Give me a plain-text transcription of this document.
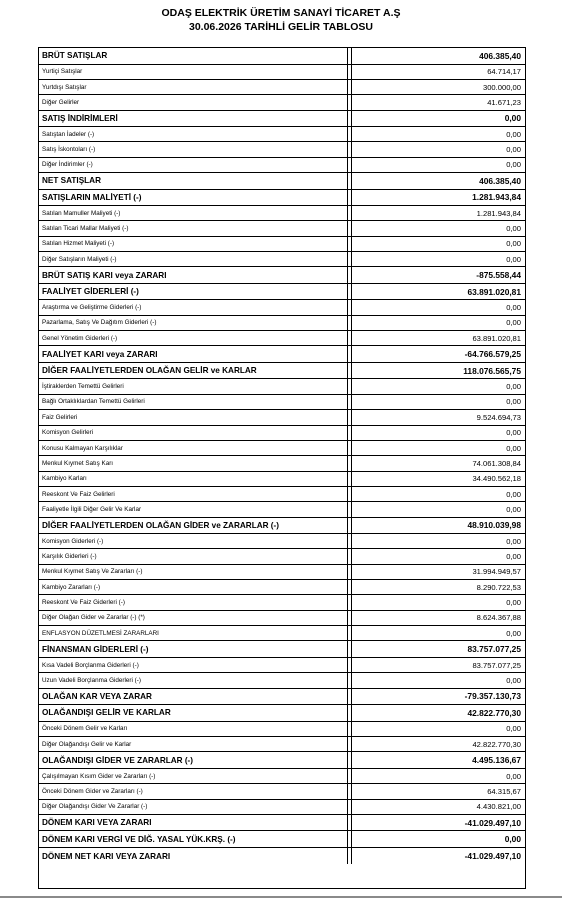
ODAŞ ELEKTRİK ÜRETİM SANAYİ TİCARET A.Ş
30.06.2026 TARİHLİ GELİR TABLOSU
BRÜT SATIŞLAR	406.385,40
Yurtiçi Satışlar	64.714,17
Yurtdışı Satışlar	300.000,00
Diğer Gelirler	41.671,23
SATIŞ İNDİRİMLERİ	0,00
Satıştan İadeler (-)	0,00
Satış İskontoları (-)	0,00
Diğer İndirimler (-)	0,00
NET SATIŞLAR	406.385,40
SATIŞLARIN MALİYETİ (-)	1.281.943,84
Satılan Mamuller Maliyeti (-)	1.281.943,84
Satılan Ticari Mallar Maliyeti (-)	0,00
Satılan Hizmet Maliyeti (-)	0,00
Diğer Satışların Maliyeti (-)	0,00
BRÜT SATIŞ KARI veya ZARARI	-875.558,44
FAALİYET GİDERLERİ (-)	63.891.020,81
Araştırma ve Geliştirme Giderleri (-)	0,00
Pazarlama, Satış Ve Dağıtım Giderleri (-)	0,00
Genel Yönetim Giderleri (-)	63.891.020,81
FAALİYET KARI veya ZARARI	-64.766.579,25
DİĞER FAALİYETLERDEN OLAĞAN GELİR ve KARLAR	118.076.565,75
İştiraklerden Temettü Gelirleri	0,00
Bağlı Ortaklıklardan Temettü Gelirleri	0,00
Faiz Gelirleri	9.524.694,73
Komisyon Gelirleri	0,00
Konusu Kalmayan Karşılıklar	0,00
Menkul Kıymet Satış Karı	74.061.308,84
Kambiyo Karları	34.490.562,18
Reeskont Ve Faiz Gelirleri	0,00
Faaliyetle İlgili Diğer Gelir Ve Karlar	0,00
DİĞER FAALİYETLERDEN OLAĞAN GİDER ve ZARARLAR (-)	48.910.039,98
Komisyon Giderleri (-)	0,00
Karşılık Giderleri (-)	0,00
Menkul Kıymet Satış Ve Zararları (-)	31.994.949,57
Kambiyo Zararları (-)	8.290.722,53
Reeskont Ve Faiz Giderleri (-)	0,00
Diğer Olağan Gider ve Zararlar (-) (*)	8.624.367,88
ENFLASYON DÜZETLMESİ ZARARLARI	0,00
FİNANSMAN GİDERLERİ (-)	83.757.077,25
Kısa Vadeli Borçlanma Giderleri (-)	83.757.077,25
Uzun Vadeli Borçlanma Giderleri (-)	0,00
OLAĞAN KAR VEYA ZARAR	-79.357.130,73
OLAĞANDIŞI GELİR VE KARLAR	42.822.770,30
Önceki Dönem Gelir ve Karları	0,00
Diğer Olağandışı Gelir ve Karlar	42.822.770,30
OLAĞANDIŞI GİDER VE ZARARLAR (-)	4.495.136,67
Çalışılmayan Kısım Gider ve Zararları (-)	0,00
Önceki Dönem Gider ve Zararları (-)	64.315,67
Diğer Olağandışı Gider Ve Zararlar (-)	4.430.821,00
DÖNEM KARI VEYA ZARARI	-41.029.497,10
DÖNEM KARI VERGİ VE DİĞ. YASAL YÜK.KRŞ. (-)	0,00
DÖNEM NET KARI VEYA ZARARI	-41.029.497,10
